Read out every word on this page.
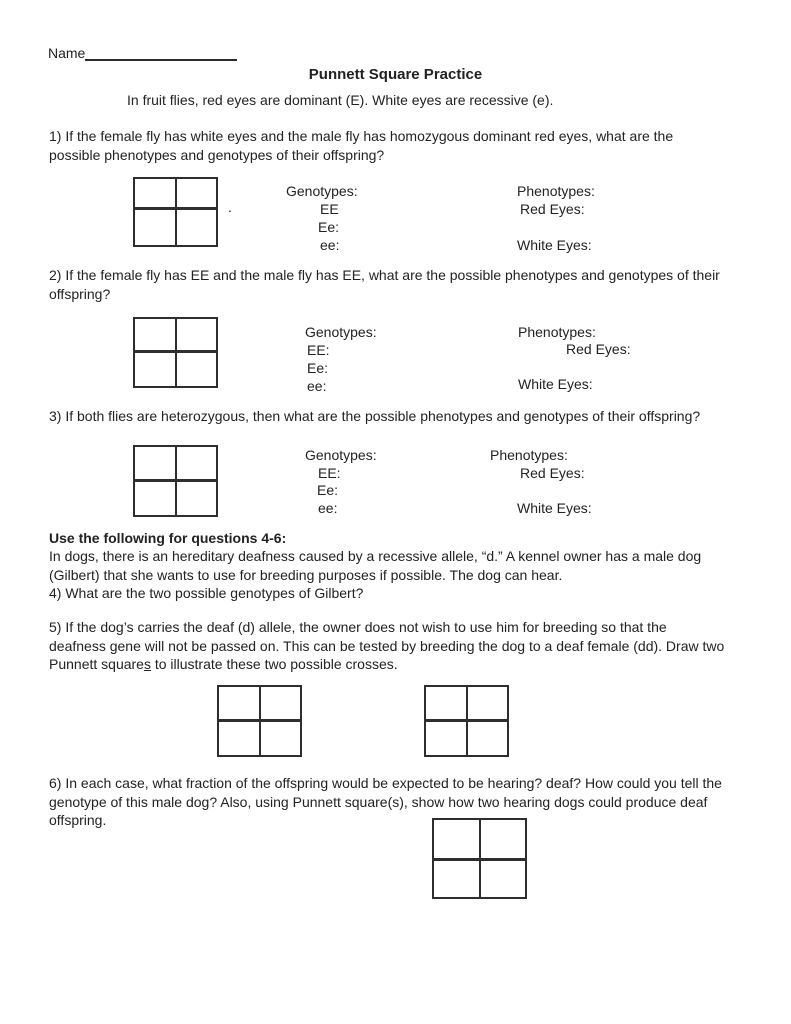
Name
Punnett Square Practice
In fruit flies, red eyes are dominant (E). White eyes are recessive (e).
1) If the female fly has white eyes and the male fly has homozygous dominant red eyes, what are the possible phenotypes and genotypes of their offspring?
.
Genotypes:
EE
Ee:
ee:
Phenotypes:
Red Eyes:
White Eyes:
2) If the female fly has EE and the male fly has EE, what are the possible phenotypes and genotypes of their offspring?
Genotypes:
EE:
Ee:
ee:
Phenotypes:
Red Eyes:
White Eyes:
3) If both flies are heterozygous, then what are the possible phenotypes and genotypes of their offspring?
Genotypes:
EE:
Ee:
ee:
Phenotypes:
Red Eyes:
White Eyes:
Use the following for questions 4-6:
In dogs, there is an hereditary deafness caused by a recessive allele, “d.” A kennel owner has a male dog (Gilbert) that she wants to use for breeding purposes if possible. The dog can hear.
4) What are the two possible genotypes of Gilbert?
5) If the dog’s carries the deaf (d) allele, the owner does not wish to use him for breeding so that the deafness gene will not be passed on. This can be tested by breeding the dog to a deaf female (dd). Draw two Punnett squares to illustrate these two possible crosses.
6) In each case, what fraction of the offspring would be expected to be hearing? deaf? How could you tell the genotype of this male dog? Also, using Punnett square(s), show how two hearing dogs could produce deaf offspring.
